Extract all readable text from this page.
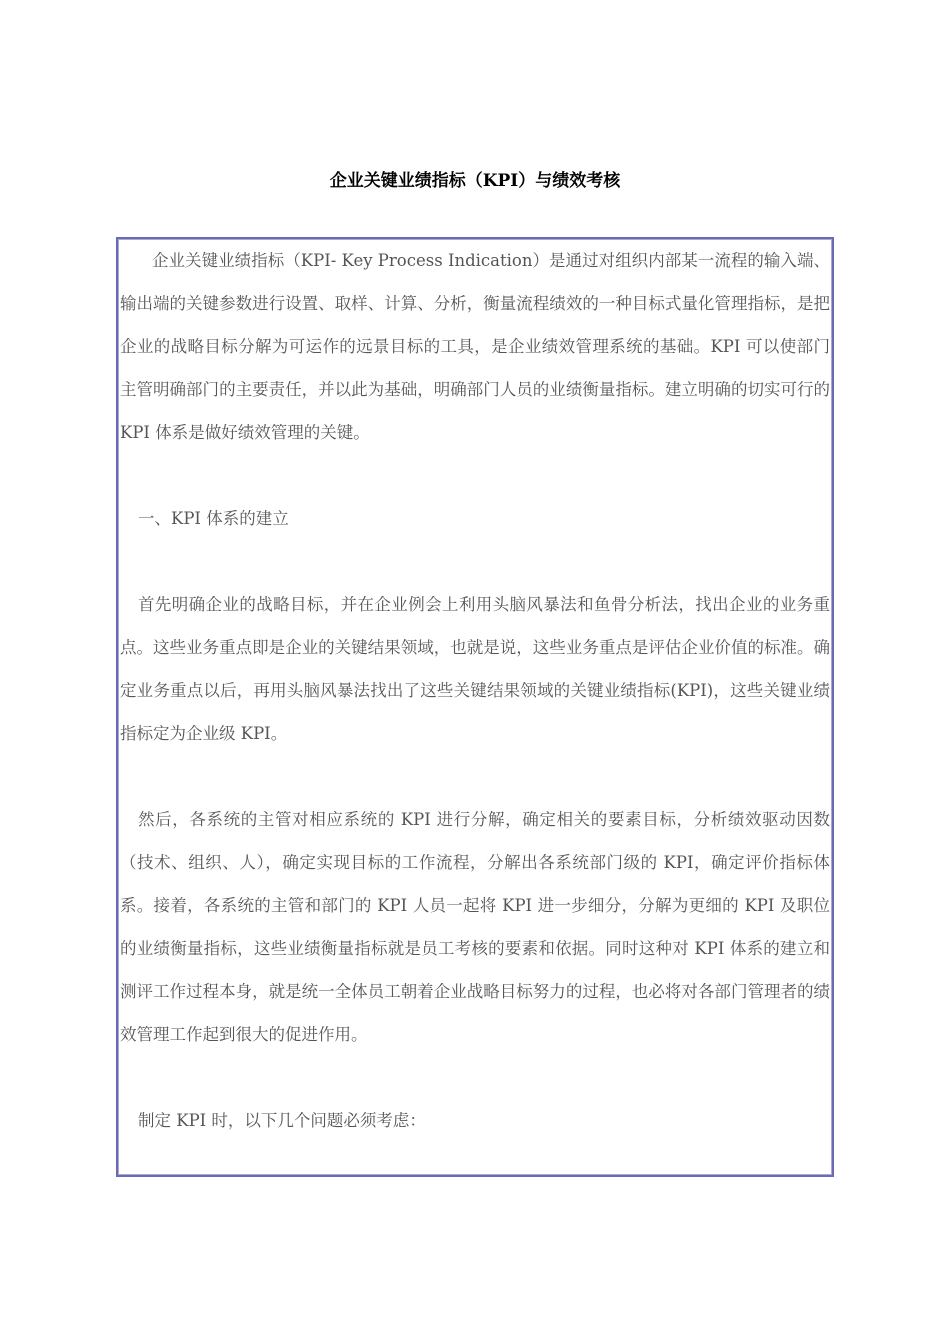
企业关键业绩指标（KPI）与绩效考核

企业关键业绩指标（KPI- Key Process Indication）是通过对组织内部某一流程的输入端、输出端的关键参数进行设置、取样、计算、分析，衡量流程绩效的一种目标式量化管理指标，是把企业的战略目标分解为可运作的远景目标的工具，是企业绩效管理系统的基础。KPI 可以使部门主管明确部门的主要责任，并以此为基础，明确部门人员的业绩衡量指标。建立明确的切实可行的 KPI 体系是做好绩效管理的关键。

一、KPI 体系的建立

首先明确企业的战略目标，并在企业例会上利用头脑风暴法和鱼骨分析法，找出企业的业务重点。这些业务重点即是企业的关键结果领域，也就是说，这些业务重点是评估企业价值的标准。确定业务重点以后，再用头脑风暴法找出了这些关键结果领域的关键业绩指标(KPI)，这些关键业绩指标定为企业级 KPI。

然后，各系统的主管对相应系统的 KPI 进行分解，确定相关的要素目标，分析绩效驱动因数（技术、组织、人），确定实现目标的工作流程，分解出各系统部门级的 KPI，确定评价指标体系。接着，各系统的主管和部门的 KPI 人员一起将 KPI 进一步细分，分解为更细的 KPI 及职位的业绩衡量指标，这些业绩衡量指标就是员工考核的要素和依据。同时这种对 KPI 体系的建立和测评工作过程本身，就是统一全体员工朝着企业战略目标努力的过程，也必将对各部门管理者的绩效管理工作起到很大的促进作用。

制定 KPI 时，以下几个问题必须考虑：
